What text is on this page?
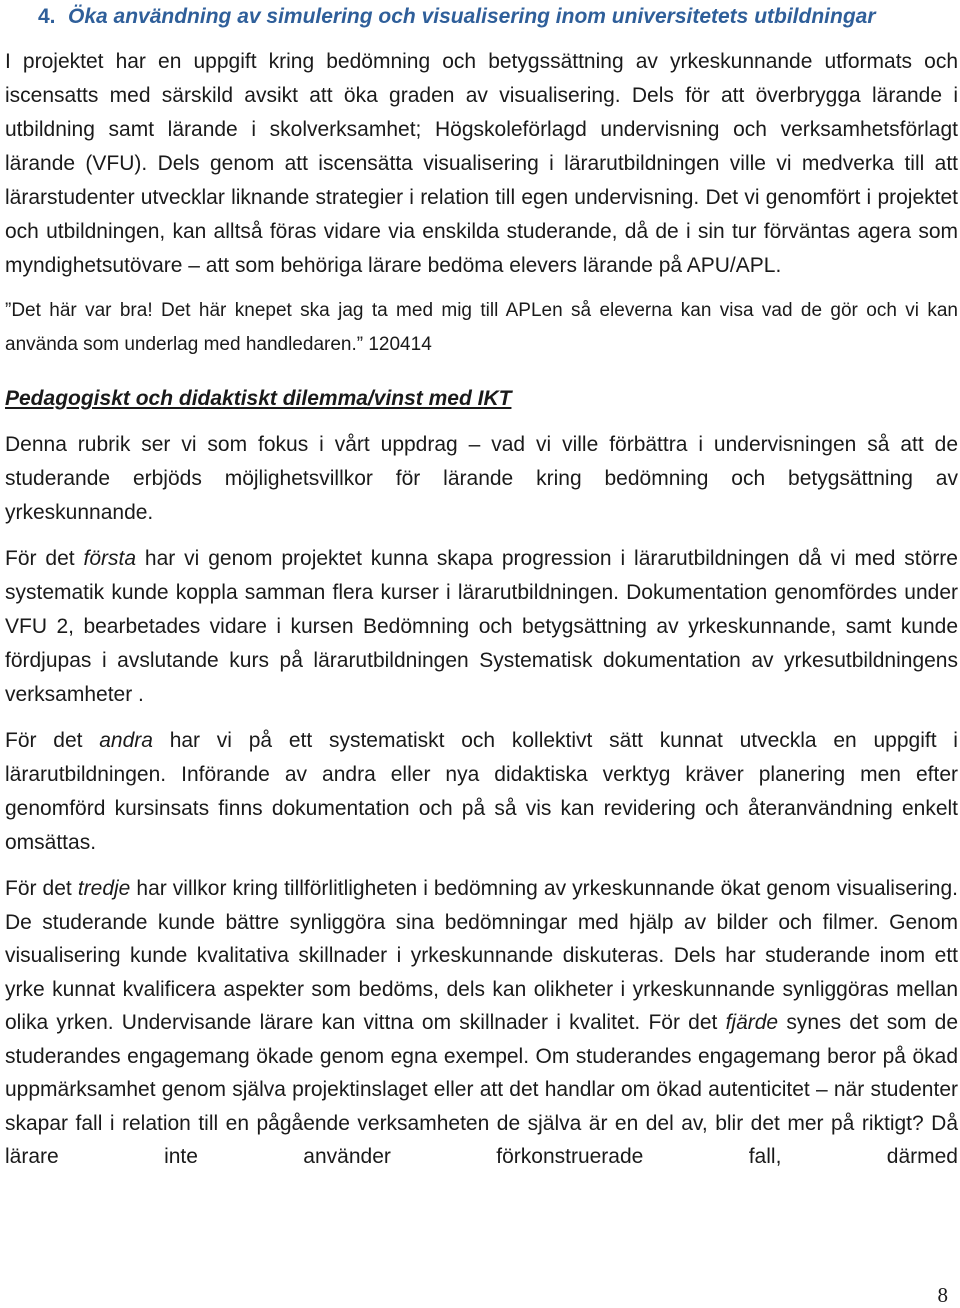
4. Öka användning av simulering och visualisering inom universitetets utbildningar

I projektet har en uppgift kring bedömning och betygssättning av yrkeskunnande utformats och iscensatts med särskild avsikt att öka graden av visualisering. Dels för att överbrygga lärande i utbildning samt lärande i skolverksamhet; Högskoleförlagd undervisning och verksamhetsförlagt lärande (VFU). Dels genom att iscensätta visualisering i lärarutbildningen ville vi medverka till att lärarstudenter utvecklar liknande strategier i relation till egen undervisning. Det vi genomfört i projektet och utbildningen, kan alltså föras vidare via enskilda studerande, då de i sin tur förväntas agera som myndighetsutövare – att som behöriga lärare bedöma elevers lärande på APU/APL.

”Det här var bra! Det här knepet ska jag ta med mig till APLen så eleverna kan visa vad de gör och vi kan använda som underlag med handledaren.” 120414

Pedagogiskt och didaktiskt dilemma/vinst med IKT

Denna rubrik ser vi som fokus i vårt uppdrag – vad vi ville förbättra i undervisningen så att de studerande erbjöds möjlighetsvillkor för lärande kring bedömning och betygsättning av yrkeskunnande.

För det första har vi genom projektet kunna skapa progression i lärarutbildningen då vi med större systematik kunde koppla samman flera kurser i lärarutbildningen. Dokumentation genomfördes under VFU 2, bearbetades vidare i kursen Bedömning och betygsättning av yrkeskunnande, samt kunde fördjupas i avslutande kurs på lärarutbildningen Systematisk dokumentation av yrkesutbildningens verksamheter .

För det andra har vi på ett systematiskt och kollektivt sätt kunnat utveckla en uppgift i lärarutbildningen. Införande av andra eller nya didaktiska verktyg kräver planering men efter genomförd kursinsats finns dokumentation och på så vis kan revidering och återanvändning enkelt omsättas.

För det tredje har villkor kring tillförlitligheten i bedömning av yrkeskunnande ökat genom visualisering. De studerande kunde bättre synliggöra sina bedömningar med hjälp av bilder och filmer. Genom visualisering kunde kvalitativa skillnader i yrkeskunnande diskuteras. Dels har studerande inom ett yrke kunnat kvalificera aspekter som bedöms, dels kan olikheter i yrkeskunnande synliggöras mellan olika yrken. Undervisande lärare kan vittna om skillnader i kvalitet. För det fjärde synes det som de studerandes engagemang ökade genom egna exempel. Om studerandes engagemang beror på ökad uppmärksamhet genom själva projektinslaget eller att det handlar om ökad autenticitet – när studenter skapar fall i relation till en pågående verksamheten de själva är en del av, blir det mer på riktigt? Då lärare inte använder förkonstruerade fall, därmed

8
